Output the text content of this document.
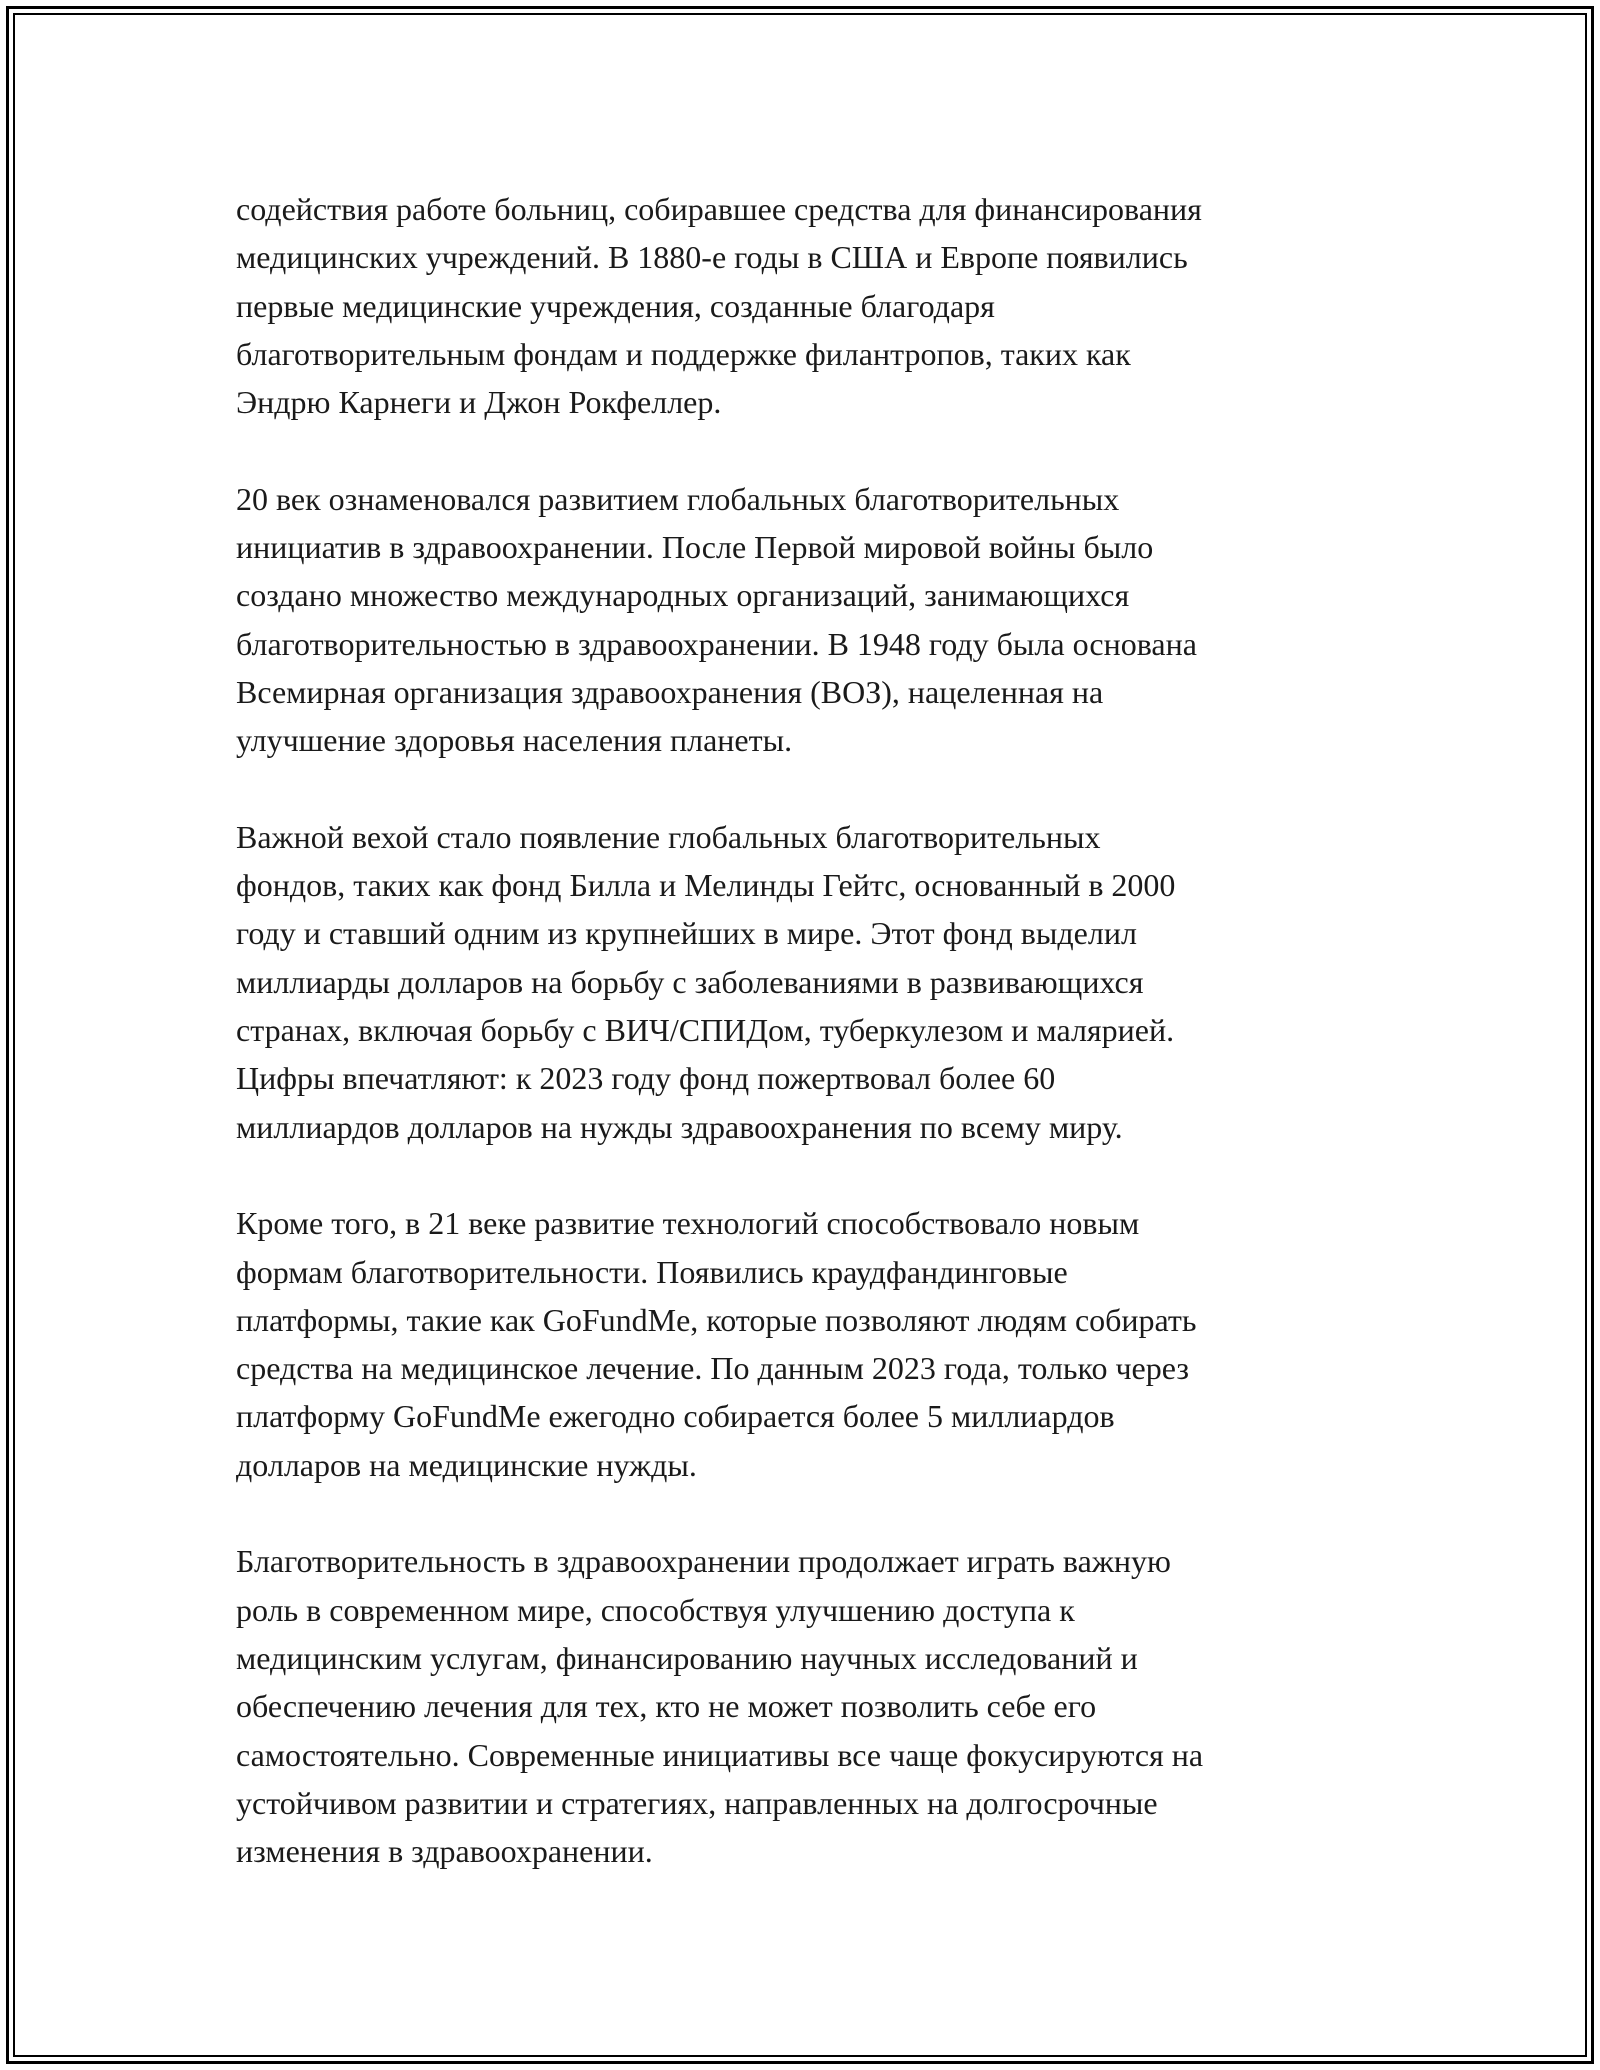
содействия работе больниц, собиравшее средства для финансирования
медицинских учреждений. В 1880-е годы в США и Европе появились
первые медицинские учреждения, созданные благодаря
благотворительным фондам и поддержке филантропов, таких как
Эндрю Карнеги и Джон Рокфеллер.

20 век ознаменовался развитием глобальных благотворительных
инициатив в здравоохранении. После Первой мировой войны было
создано множество международных организаций, занимающихся
благотворительностью в здравоохранении. В 1948 году была основана
Всемирная организация здравоохранения (ВОЗ), нацеленная на
улучшение здоровья населения планеты.

Важной вехой стало появление глобальных благотворительных
фондов, таких как фонд Билла и Мелинды Гейтс, основанный в 2000
году и ставший одним из крупнейших в мире. Этот фонд выделил
миллиарды долларов на борьбу с заболеваниями в развивающихся
странах, включая борьбу с ВИЧ/СПИДом, туберкулезом и малярией.
Цифры впечатляют: к 2023 году фонд пожертвовал более 60
миллиардов долларов на нужды здравоохранения по всему миру.

Кроме того, в 21 веке развитие технологий способствовало новым
формам благотворительности. Появились краудфандинговые
платформы, такие как GoFundMe, которые позволяют людям собирать
средства на медицинское лечение. По данным 2023 года, только через
платформу GoFundMe ежегодно собирается более 5 миллиардов
долларов на медицинские нужды.

Благотворительность в здравоохранении продолжает играть важную
роль в современном мире, способствуя улучшению доступа к
медицинским услугам, финансированию научных исследований и
обеспечению лечения для тех, кто не может позволить себе его
самостоятельно. Современные инициативы все чаще фокусируются на
устойчивом развитии и стратегиях, направленных на долгосрочные
изменения в здравоохранении.
